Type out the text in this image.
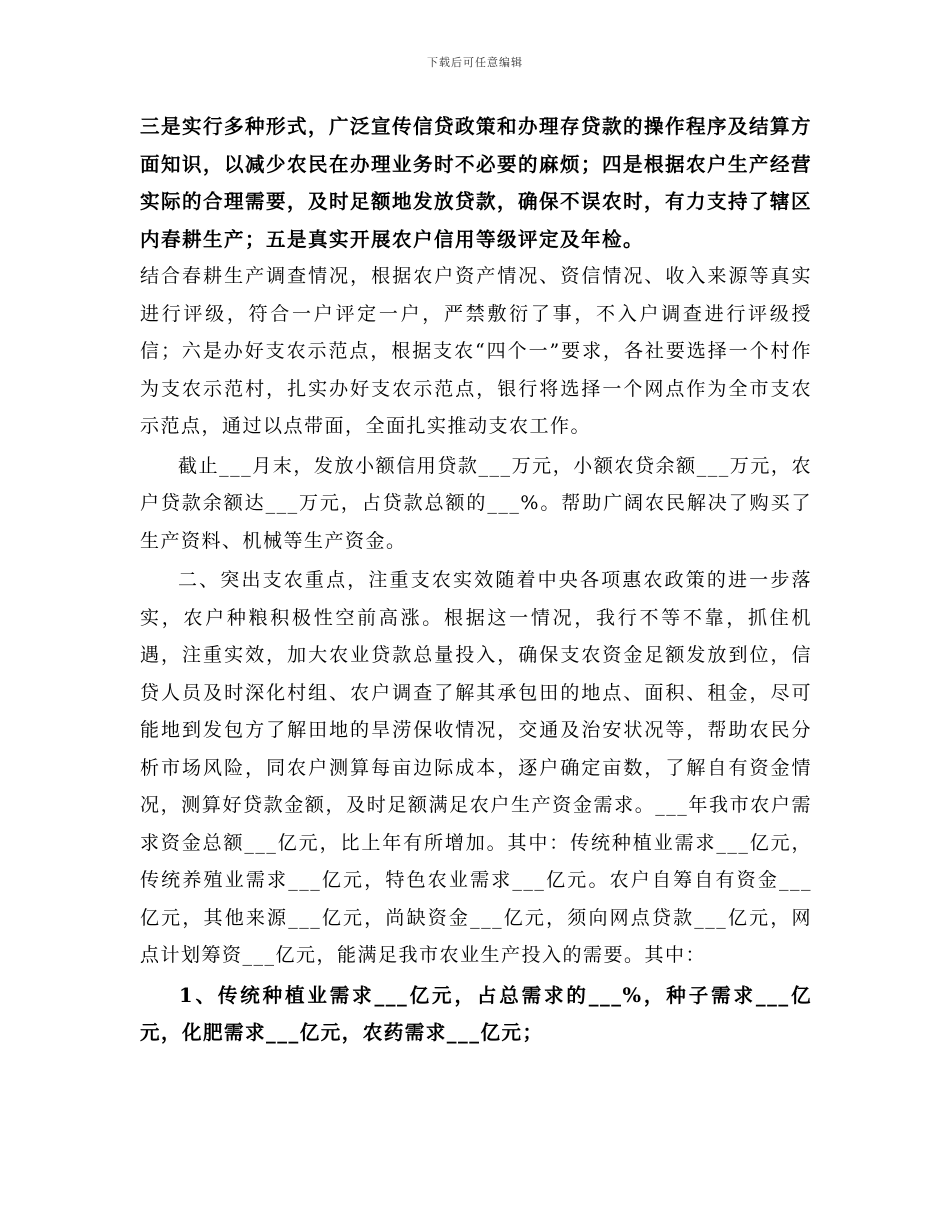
下载后可任意编辑

三是实行多种形式，广泛宣传信贷政策和办理存贷款的操作程序及结算方面知识，以减少农民在办理业务时不必要的麻烦；四是根据农户生产经营实际的合理需要，及时足额地发放贷款，确保不误农时，有力支持了辖区内春耕生产；五是真实开展农户信用等级评定及年检。

结合春耕生产调查情况，根据农户资产情况、资信情况、收入来源等真实进行评级，符合一户评定一户，严禁敷衍了事，不入户调查进行评级授信；六是办好支农示范点，根据支农“四个一”要求，各社要选择一个村作为支农示范村，扎实办好支农示范点，银行将选择一个网点作为全市支农示范点，通过以点带面，全面扎实推动支农工作。

截止___月末，发放小额信用贷款___万元，小额农贷余额___万元，农户贷款余额达___万元，占贷款总额的___%。帮助广阔农民解决了购买了生产资料、机械等生产资金。

二、突出支农重点，注重支农实效随着中央各项惠农政策的进一步落实，农户种粮积极性空前高涨。根据这一情况，我行不等不靠，抓住机遇，注重实效，加大农业贷款总量投入，确保支农资金足额发放到位，信贷人员及时深化村组、农户调查了解其承包田的地点、面积、租金，尽可能地到发包方了解田地的旱涝保收情况，交通及治安状况等，帮助农民分析市场风险，同农户测算每亩边际成本，逐户确定亩数，了解自有资金情况，测算好贷款金额，及时足额满足农户生产资金需求。___年我市农户需求资金总额___亿元，比上年有所增加。其中：传统种植业需求___亿元，传统养殖业需求___亿元，特色农业需求___亿元。农户自筹自有资金___亿元，其他来源___亿元，尚缺资金___亿元，须向网点贷款___亿元，网点计划筹资___亿元，能满足我市农业生产投入的需要。其中：

1、传统种植业需求___亿元，占总需求的___%，种子需求___亿元，化肥需求___亿元，农药需求___亿元；
